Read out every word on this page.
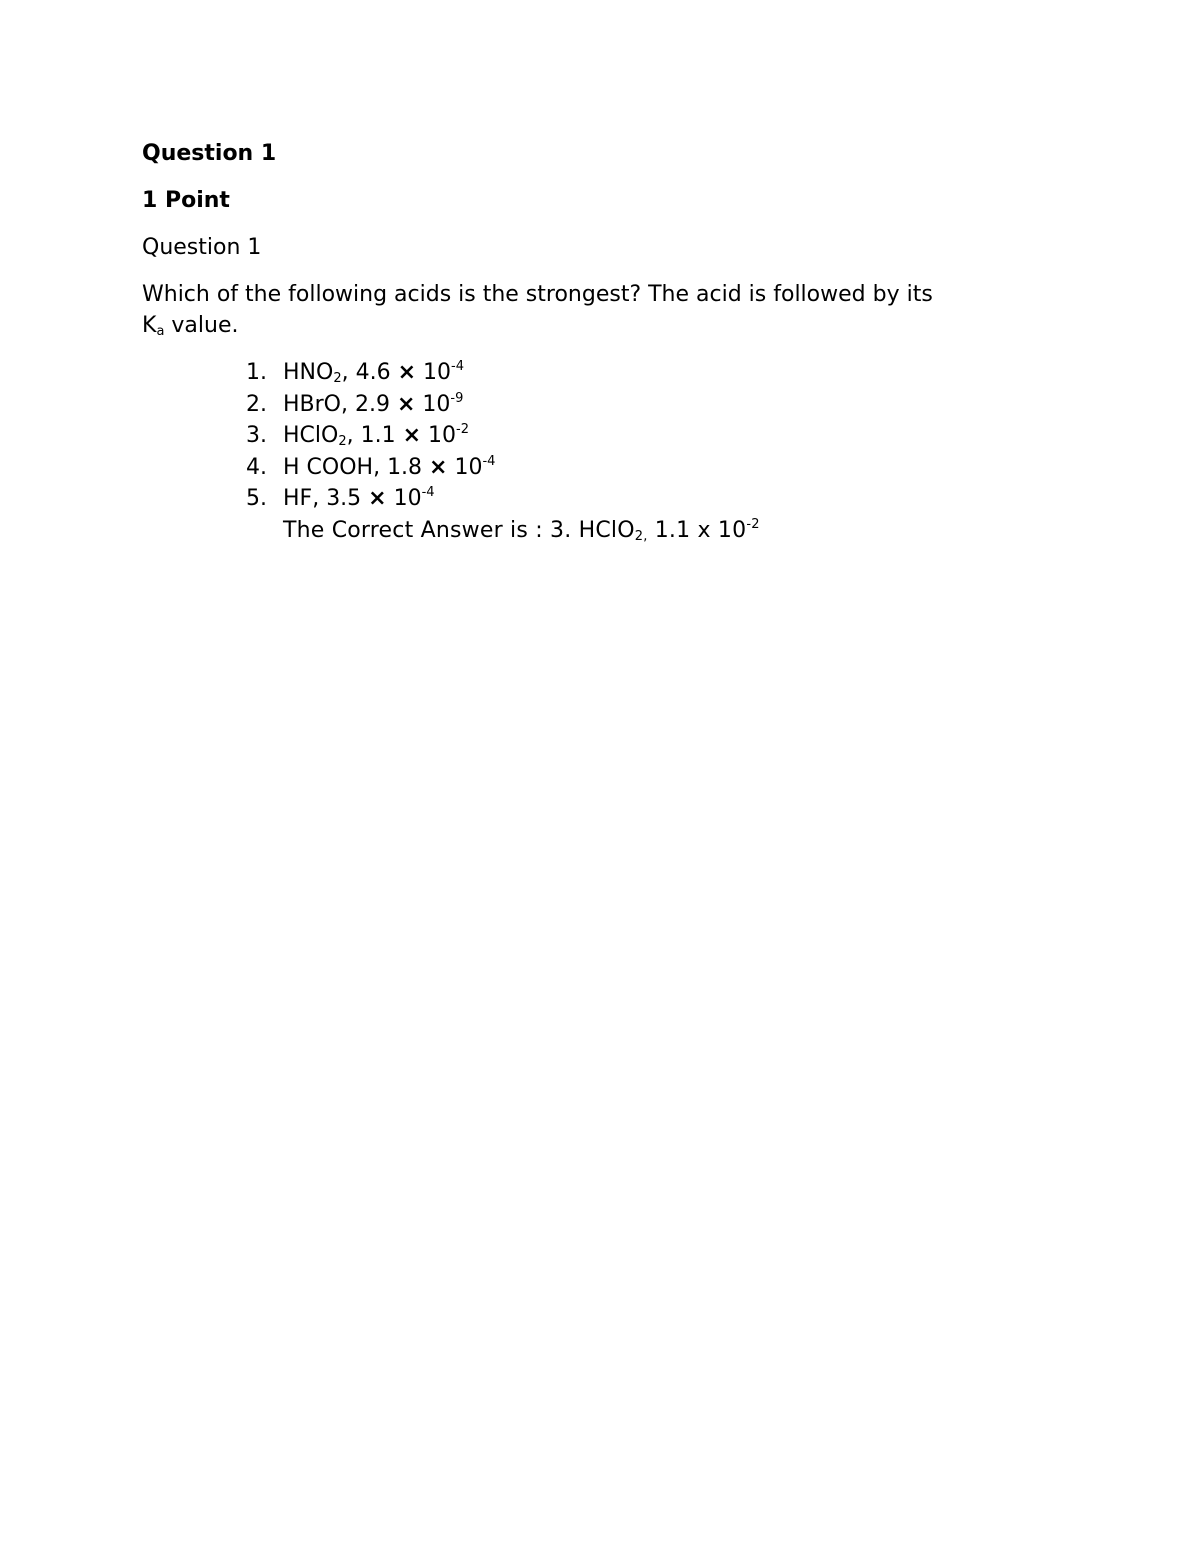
Question 1
1 Point
Question 1
Which of the following acids is the strongest? The acid is followed by its
$K_a$ value.
1. $HNO_2$, $4.6 \times 10^{-4}$
2. HBrO, $2.9 \times 10^{-9}$
3. HClO$_2$, $1.1 \times 10^{-2}$
4. H COOH, $1.8 \times 10^{-4}$
5. HF, $3.5 \times 10^{-4}$
The Correct Answer is : 3. HClO$_{2,}$ 1.1 x $10^{-2}$
